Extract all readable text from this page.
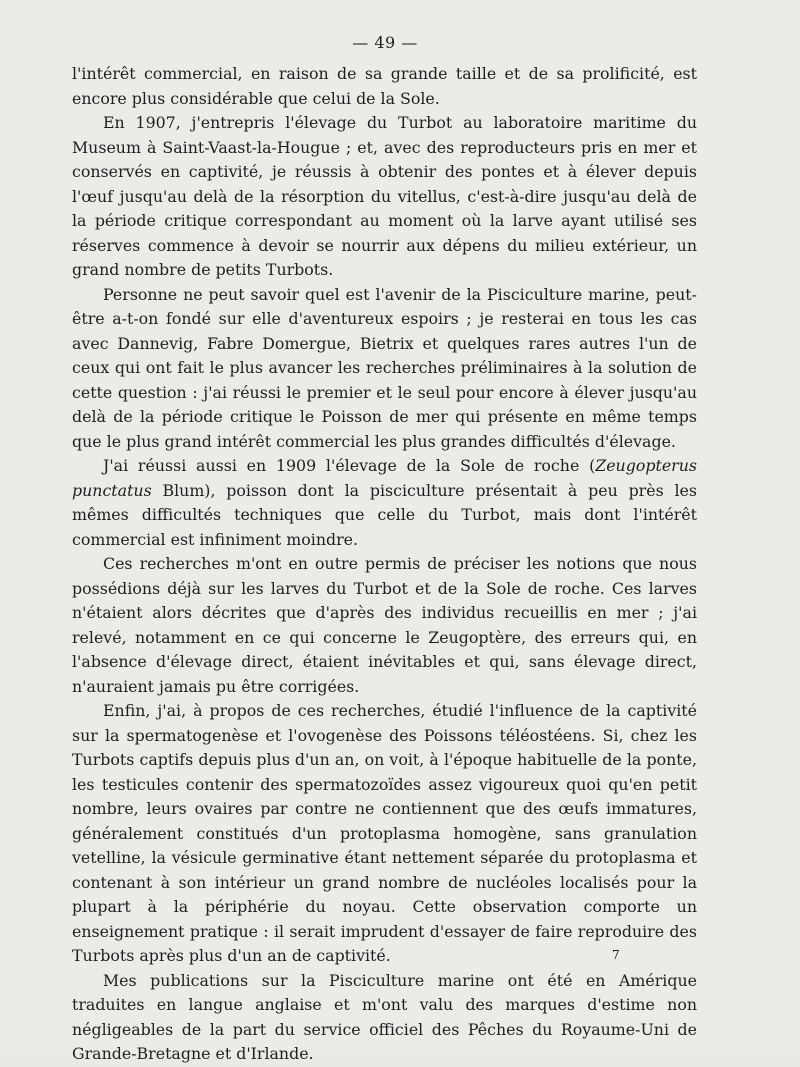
— 49 —

l'intérêt commercial, en raison de sa grande taille et de sa prolificité, est encore plus considérable que celui de la Sole.

En 1907, j'entrepris l'élevage du Turbot au laboratoire maritime du Museum à Saint-Vaast-la-Hougue ; et, avec des reproducteurs pris en mer et conservés en captivité, je réussis à obtenir des pontes et à élever depuis l'œuf jusqu'au delà de la résorption du vitellus, c'est-à-dire jusqu'au delà de la période critique correspondant au moment où la larve ayant utilisé ses réserves commence à devoir se nourrir aux dépens du milieu extérieur, un grand nombre de petits Turbots.

Personne ne peut savoir quel est l'avenir de la Pisciculture marine, peut-être a-t-on fondé sur elle d'aventureux espoirs ; je resterai en tous les cas avec Dannevig, Fabre Domergue, Bietrix et quelques rares autres l'un de ceux qui ont fait le plus avancer les recherches préliminaires à la solution de cette question : j'ai réussi le premier et le seul pour encore à élever jusqu'au delà de la période critique le Poisson de mer qui présente en même temps que le plus grand intérêt commercial les plus grandes difficultés d'élevage.

J'ai réussi aussi en 1909 l'élevage de la Sole de roche (Zeugopterus punctatus Blum), poisson dont la pisciculture présentait à peu près les mêmes difficultés techniques que celle du Turbot, mais dont l'intérêt commercial est infiniment moindre.

Ces recherches m'ont en outre permis de préciser les notions que nous possédions déjà sur les larves du Turbot et de la Sole de roche. Ces larves n'étaient alors décrites que d'après des individus recueillis en mer ; j'ai relevé, notamment en ce qui concerne le Zeugoptère, des erreurs qui, en l'absence d'élevage direct, étaient inévitables et qui, sans élevage direct, n'auraient jamais pu être corrigées.

Enfin, j'ai, à propos de ces recherches, étudié l'influence de la captivité sur la spermatogenèse et l'ovogenèse des Poissons téléostéens. Si, chez les Turbots captifs depuis plus d'un an, on voit, à l'époque habituelle de la ponte, les testicules contenir des spermatozoïdes assez vigoureux quoi qu'en petit nombre, leurs ovaires par contre ne contiennent que des œufs immatures, généralement constitués d'un protoplasma homogène, sans granulation vetelline, la vésicule germinative étant nettement séparée du protoplasma et contenant à son intérieur un grand nombre de nucléoles localisés pour la plupart à la périphérie du noyau. Cette observation comporte un enseignement pratique : il serait imprudent d'essayer de faire reproduire des Turbots après plus d'un an de captivité.

Mes publications sur la Pisciculture marine ont été en Amérique traduites en langue anglaise et m'ont valu des marques d'estime non négligeables de la part du service officiel des Pêches du Royaume-Uni de Grande-Bretagne et d'Irlande.

7
